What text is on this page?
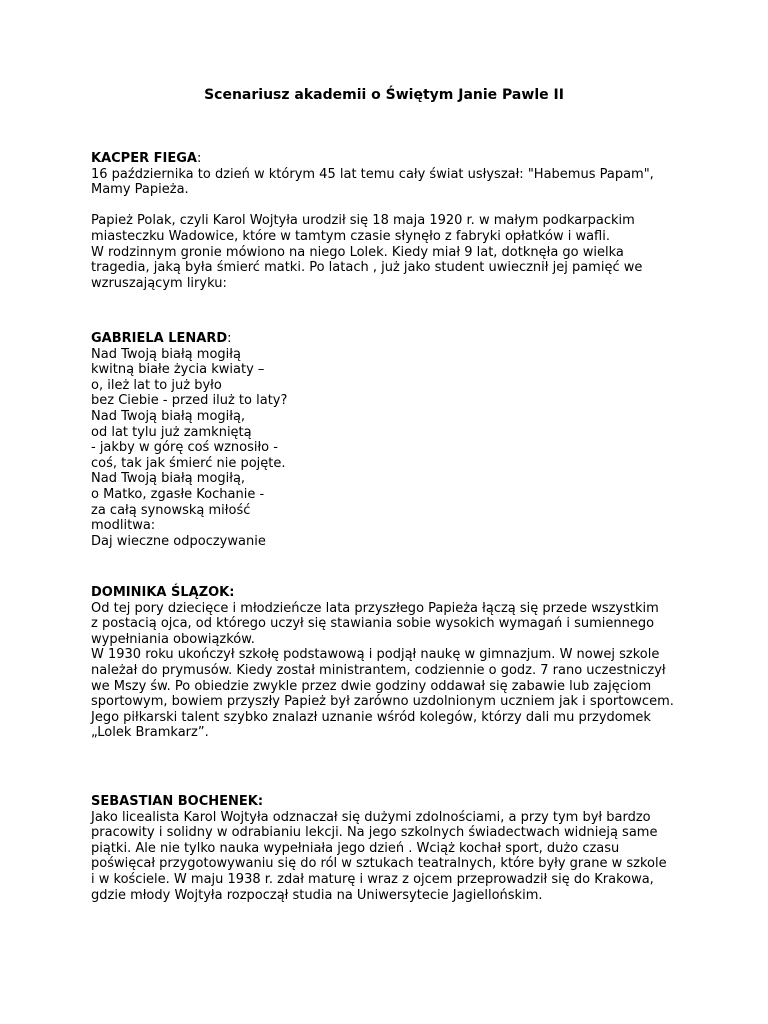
Scenariusz akademii o Świętym Janie Pawle II
KACPER FIEGA:
16 października to dzień w którym 45 lat temu cały świat usłyszał: "Habemus Papam",
Mamy Papieża.
Papież Polak, czyli Karol Wojtyła urodził się 18 maja 1920 r. w małym podkarpackim
miasteczku Wadowice, które w tamtym czasie słynęło z fabryki opłatków i wafli.
W rodzinnym gronie mówiono na niego Lolek. Kiedy miał 9 lat, dotknęła go wielka
tragedia, jaką była śmierć matki. Po latach , już jako student uwiecznił jej pamięć we
wzruszającym liryku:
GABRIELA LENARD:
Nad Twoją białą mogiłą
kwitną białe życia kwiaty –
o, ileż lat to już było
bez Ciebie - przed iluż to laty?
Nad Twoją białą mogiłą,
od lat tylu już zamkniętą
- jakby w górę coś wznosiło -
coś, tak jak śmierć nie pojęte.
Nad Twoją białą mogiłą,
o Matko, zgasłe Kochanie -
za całą synowską miłość
modlitwa:
Daj wieczne odpoczywanie
DOMINIKA ŚLĄZOK:
Od tej pory dziecięce i młodzieńcze lata przyszłego Papieża łączą się przede wszystkim
z postacią ojca, od którego uczył się stawiania sobie wysokich wymagań i sumiennego
wypełniania obowiązków.
W 1930 roku ukończył szkołę podstawową i podjął naukę w gimnazjum. W nowej szkole
należał do prymusów. Kiedy został ministrantem, codziennie o godz. 7 rano uczestniczył
we Mszy św. Po obiedzie zwykle przez dwie godziny oddawał się zabawie lub zajęciom
sportowym, bowiem przyszły Papież był zarówno uzdolnionym uczniem jak i sportowcem.
Jego piłkarski talent szybko znalazł uznanie wśród kolegów, którzy dali mu przydomek
„Lolek Bramkarz”.
SEBASTIAN BOCHENEK:
Jako licealista Karol Wojtyła odznaczał się dużymi zdolnościami, a przy tym był bardzo
pracowity i solidny w odrabianiu lekcji. Na jego szkolnych świadectwach widnieją same
piątki. Ale nie tylko nauka wypełniała jego dzień . Wciąż kochał sport, dużo czasu
poświęcał przygotowywaniu się do ról w sztukach teatralnych, które były grane w szkole
i w kościele. W maju 1938 r. zdał maturę i wraz z ojcem przeprowadził się do Krakowa,
gdzie młody Wojtyła rozpoczął studia na Uniwersytecie Jagiellońskim.
